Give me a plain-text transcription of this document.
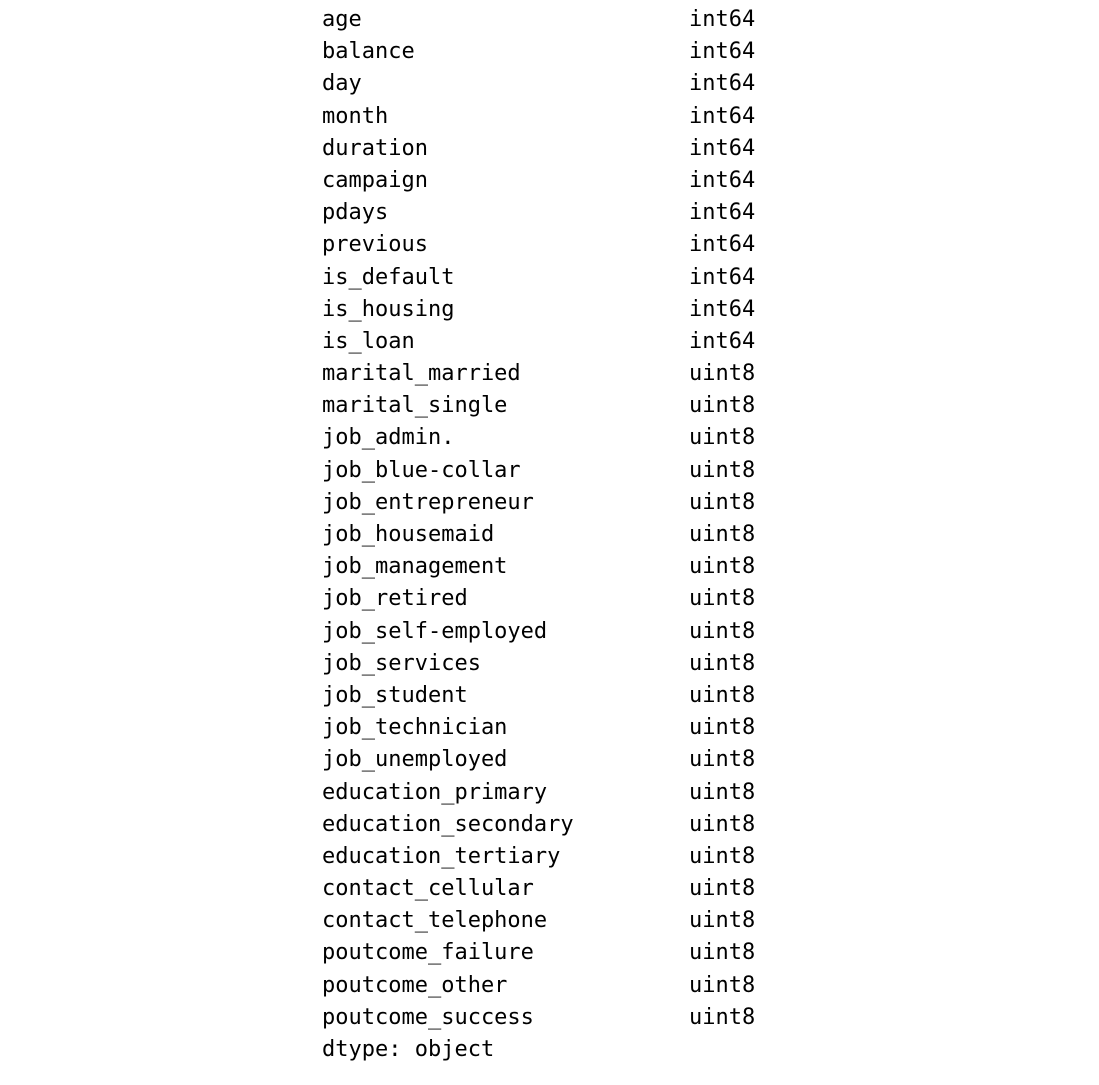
age	int64
balance	int64
day	int64
month	int64
duration	int64
campaign	int64
pdays	int64
previous	int64
is_default	int64
is_housing	int64
is_loan	int64
marital_married	uint8
marital_single	uint8
job_admin.	uint8
job_blue-collar	uint8
job_entrepreneur	uint8
job_housemaid	uint8
job_management	uint8
job_retired	uint8
job_self-employed	uint8
job_services	uint8
job_student	uint8
job_technician	uint8
job_unemployed	uint8
education_primary	uint8
education_secondary	uint8
education_tertiary	uint8
contact_cellular	uint8
contact_telephone	uint8
poutcome_failure	uint8
poutcome_other	uint8
poutcome_success	uint8
dtype: object
